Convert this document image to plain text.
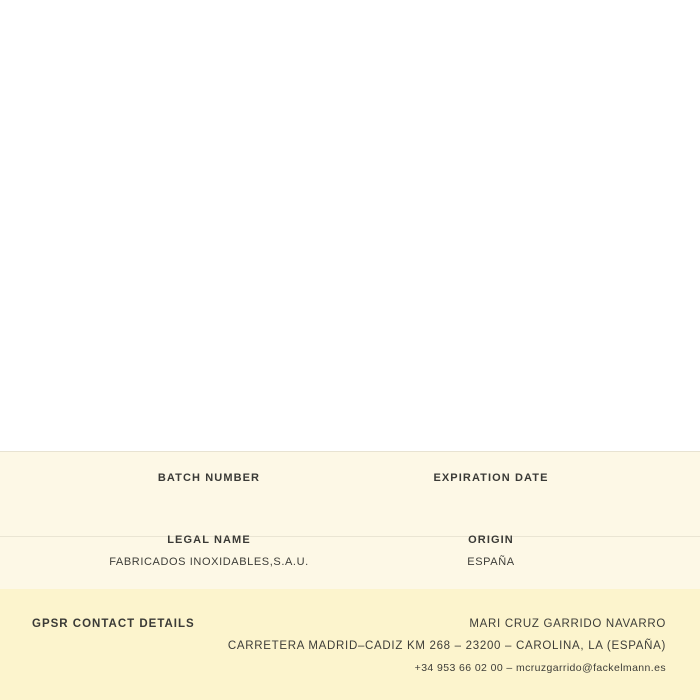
BATCH NUMBER	EXPIRATION DATE
LEGAL NAME
FABRICADOS INOXIDABLES,S.A.U.
ORIGIN
ESPAÑA
GPSR CONTACT DETAILS	MARI CRUZ GARRIDO NAVARRO
CARRETERA MADRID–CADIZ KM 268 – 23200 – CAROLINA, LA (ESPAÑA)
+34 953 66 02 00 – mcruzgarrido@fackelmann.es
